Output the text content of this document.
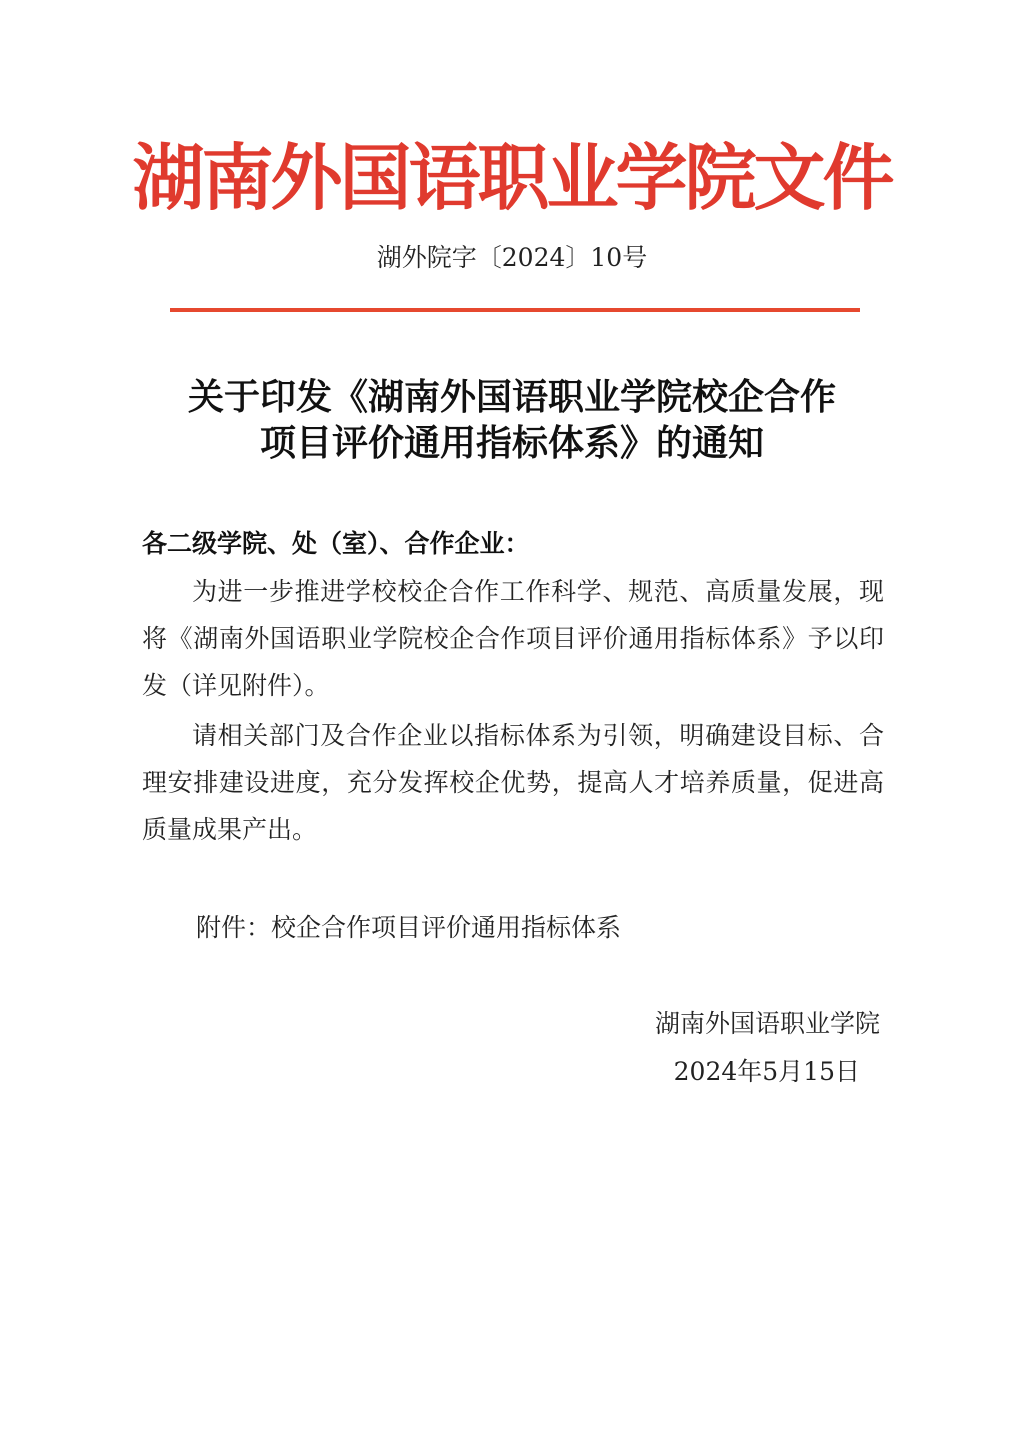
湖南外国语职业学院文件
湖外院字〔2024〕10号
关于印发《湖南外国语职业学院校企合作
项目评价通用指标体系》的通知
各二级学院、处（室）、合作企业：

为进一步推进学校校企合作工作科学、规范、高质量发展，现将《湖南外国语职业学院校企合作项目评价通用指标体系》予以印发（详见附件）。

请相关部门及合作企业以指标体系为引领，明确建设目标、合理安排建设进度，充分发挥校企优势，提高人才培养质量，促进高质量成果产出。

附件：校企合作项目评价通用指标体系
湖南外国语职业学院
2024年5月15日
